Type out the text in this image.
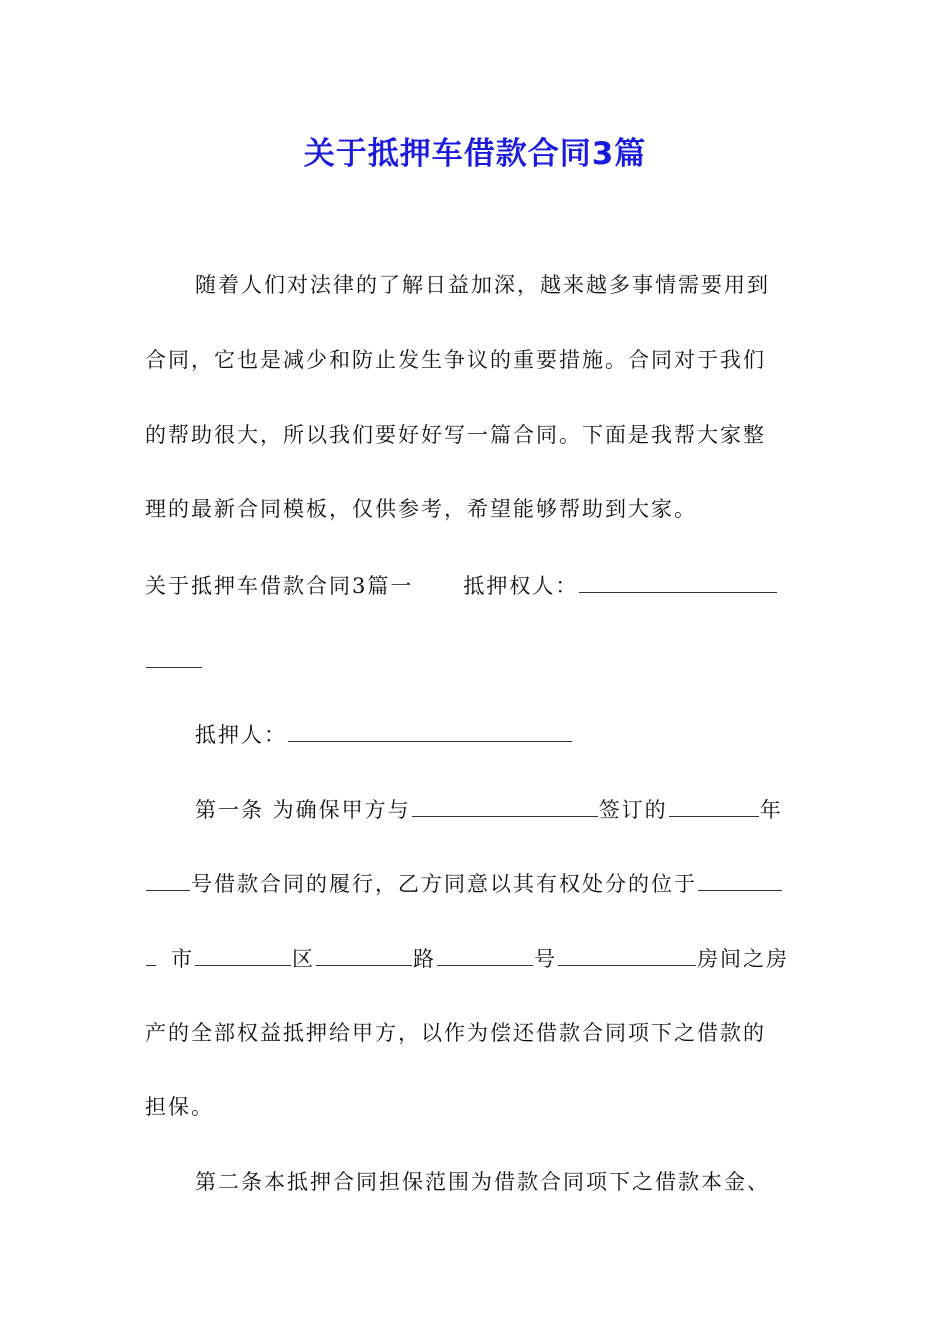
关于抵押车借款合同3篇
随着人们对法律的了解日益加深，越来越多事情需要用到
合同，它也是减少和防止发生争议的重要措施。合同对于我们
的帮助很大，所以我们要好好写一篇合同。下面是我帮大家整
理的最新合同模板，仅供参考，希望能够帮助到大家。
关于抵押车借款合同3篇一 抵押权人：
抵押人：
第一条 为确保甲方与	签订的	年
号借款合同的履行，乙方同意以其有权处分的位于
市	区	路	号	房间之房
产的全部权益抵押给甲方，以作为偿还借款合同项下之借款的
担保。
第二条本抵押合同担保范围为借款合同项下之借款本金、
